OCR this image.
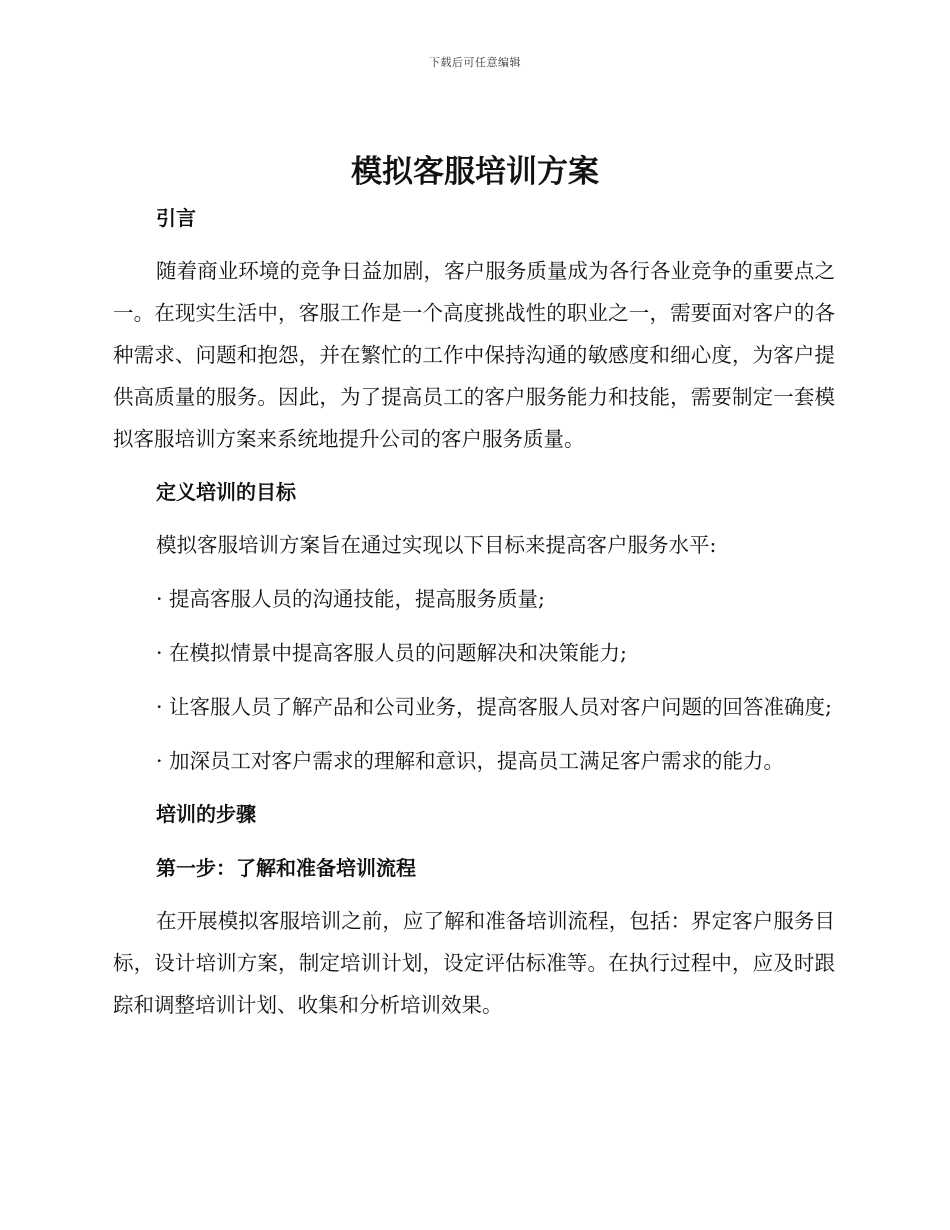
下载后可任意编辑
模拟客服培训方案

引言

随着商业环境的竞争日益加剧，客户服务质量成为各行各业竞争的重要点之一。在现实生活中，客服工作是一个高度挑战性的职业之一，需要面对客户的各种需求、问题和抱怨，并在繁忙的工作中保持沟通的敏感度和细心度，为客户提供高质量的服务。因此，为了提高员工的客户服务能力和技能，需要制定一套模拟客服培训方案来系统地提升公司的客户服务质量。

定义培训的目标

模拟客服培训方案旨在通过实现以下目标来提高客户服务水平:

· 提高客服人员的沟通技能，提高服务质量;

· 在模拟情景中提高客服人员的问题解决和决策能力;

· 让客服人员了解产品和公司业务，提高客服人员对客户问题的回答准确度;

· 加深员工对客户需求的理解和意识，提高员工满足客户需求的能力。

培训的步骤

第一步：了解和准备培训流程

在开展模拟客服培训之前，应了解和准备培训流程，包括：界定客户服务目标，设计培训方案，制定培训计划，设定评估标准等。在执行过程中，应及时跟踪和调整培训计划、收集和分析培训效果。
